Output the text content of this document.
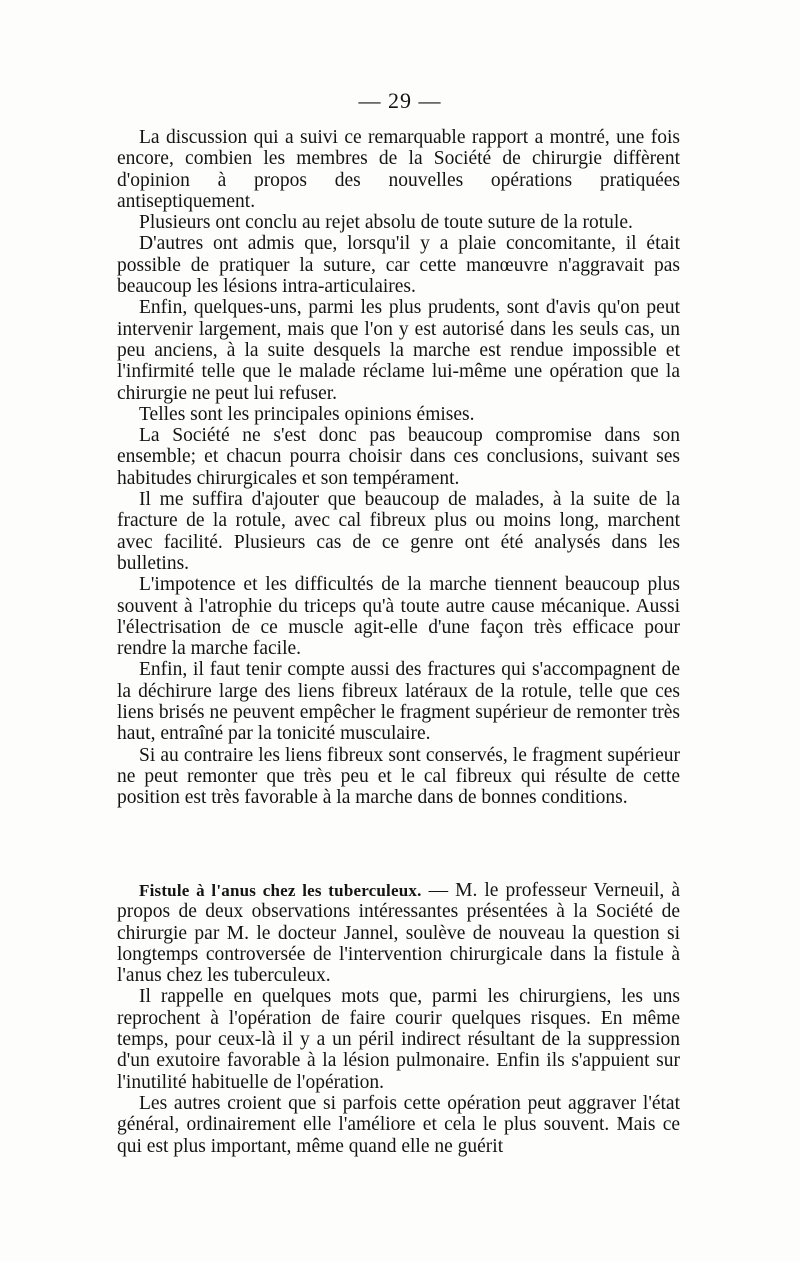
— 29 —

La discussion qui a suivi ce remarquable rapport a montré, une fois encore, combien les membres de la Société de chirurgie diffèrent d'opinion à propos des nouvelles opérations pratiquées antiseptiquement.

Plusieurs ont conclu au rejet absolu de toute suture de la rotule.

D'autres ont admis que, lorsqu'il y a plaie concomitante, il était possible de pratiquer la suture, car cette manœuvre n'aggravait pas beaucoup les lésions intra-articulaires.

Enfin, quelques-uns, parmi les plus prudents, sont d'avis qu'on peut intervenir largement, mais que l'on y est autorisé dans les seuls cas, un peu anciens, à la suite desquels la marche est rendue impossible et l'infirmité telle que le malade réclame lui-même une opération que la chirurgie ne peut lui refuser.

Telles sont les principales opinions émises.

La Société ne s'est donc pas beaucoup compromise dans son ensemble; et chacun pourra choisir dans ces conclusions, suivant ses habitudes chirurgicales et son tempérament.

Il me suffira d'ajouter que beaucoup de malades, à la suite de la fracture de la rotule, avec cal fibreux plus ou moins long, marchent avec facilité. Plusieurs cas de ce genre ont été analysés dans les bulletins.

L'impotence et les difficultés de la marche tiennent beaucoup plus souvent à l'atrophie du triceps qu'à toute autre cause mécanique. Aussi l'électrisation de ce muscle agit-elle d'une façon très efficace pour rendre la marche facile.

Enfin, il faut tenir compte aussi des fractures qui s'accompagnent de la déchirure large des liens fibreux latéraux de la rotule, telle que ces liens brisés ne peuvent empêcher le fragment supérieur de remonter très haut, entraîné par la tonicité musculaire.

Si au contraire les liens fibreux sont conservés, le fragment supérieur ne peut remonter que très peu et le cal fibreux qui résulte de cette position est très favorable à la marche dans de bonnes conditions.

Fistule à l'anus chez les tuberculeux. — M. le professeur Verneuil, à propos de deux observations intéressantes présentées à la Société de chirurgie par M. le docteur Jannel, soulève de nouveau la question si longtemps controversée de l'intervention chirurgicale dans la fistule à l'anus chez les tuberculeux.

Il rappelle en quelques mots que, parmi les chirurgiens, les uns reprochent à l'opération de faire courir quelques risques. En même temps, pour ceux-là il y a un péril indirect résultant de la suppression d'un exutoire favorable à la lésion pulmonaire. Enfin ils s'appuient sur l'inutilité habituelle de l'opération.

Les autres croient que si parfois cette opération peut aggraver l'état général, ordinairement elle l'améliore et cela le plus souvent. Mais ce qui est plus important, même quand elle ne guérit
